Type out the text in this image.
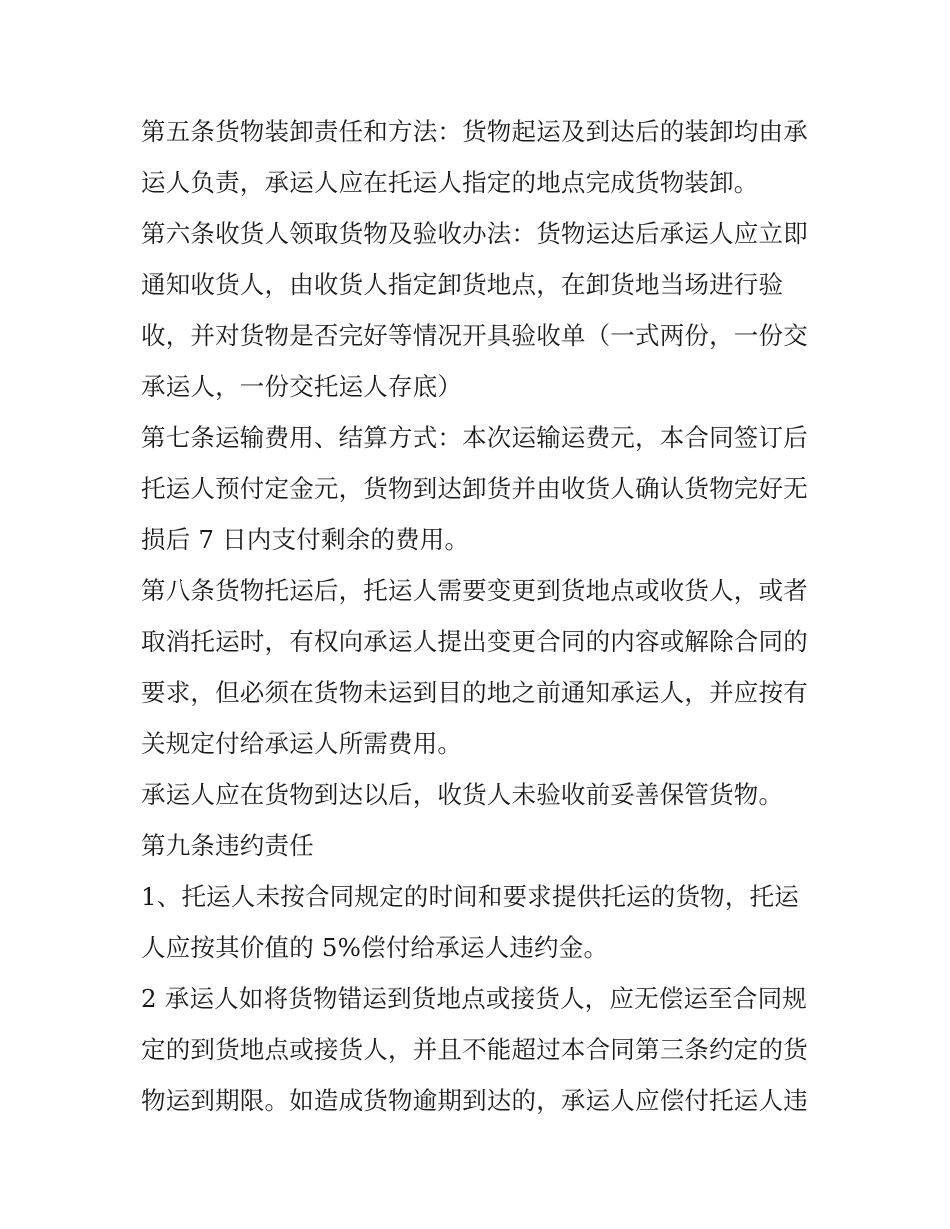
第五条货物装卸责任和方法：货物起运及到达后的装卸均由承运人负责，承运人应在托运人指定的地点完成货物装卸。

第六条收货人领取货物及验收办法：货物运达后承运人应立即通知收货人，由收货人指定卸货地点，在卸货地当场进行验收，并对货物是否完好等情况开具验收单（一式两份，一份交承运人，一份交托运人存底）

第七条运输费用、结算方式：本次运输运费元，本合同签订后托运人预付定金元，货物到达卸货并由收货人确认货物完好无损后 7 日内支付剩余的费用。

第八条货物托运后，托运人需要变更到货地点或收货人，或者取消托运时，有权向承运人提出变更合同的内容或解除合同的要求，但必须在货物未运到目的地之前通知承运人，并应按有关规定付给承运人所需费用。

承运人应在货物到达以后，收货人未验收前妥善保管货物。

第九条违约责任

1、托运人未按合同规定的时间和要求提供托运的货物，托运人应按其价值的 5%偿付给承运人违约金。

2 承运人如将货物错运到货地点或接货人，应无偿运至合同规定的到货地点或接货人，并且不能超过本合同第三条约定的货物运到期限。如造成货物逾期到达的，承运人应偿付托运人违
